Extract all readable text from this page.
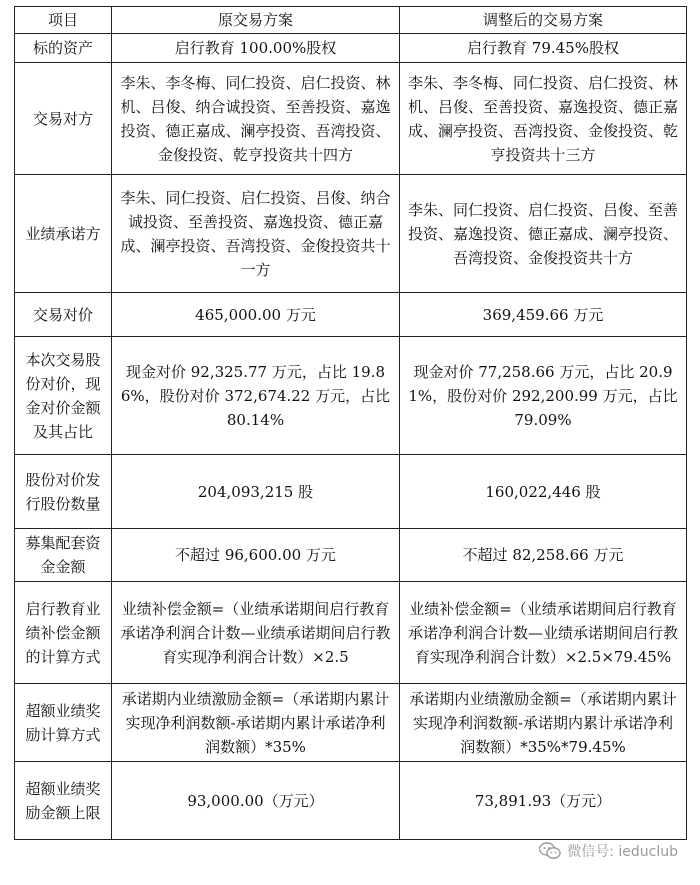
项目	原交易方案	调整后的交易方案
标的资产	启行教育 100.00%股权	启行教育 79.45%股权
交易对方	李朱、李冬梅、同仁投资、启仁投资、林机、吕俊、纳合诚投资、至善投资、嘉逸投资、德正嘉成、澜亭投资、吾湾投资、金俊投资、乾亨投资共十四方	李朱、李冬梅、同仁投资、启仁投资、林机、吕俊、至善投资、嘉逸投资、德正嘉成、澜亭投资、吾湾投资、金俊投资、乾亨投资共十三方
业绩承诺方	李朱、同仁投资、启仁投资、吕俊、纳合诚投资、至善投资、嘉逸投资、德正嘉成、澜亭投资、吾湾投资、金俊投资共十一方	李朱、同仁投资、启仁投资、吕俊、至善投资、嘉逸投资、德正嘉成、澜亭投资、吾湾投资、金俊投资共十方
交易对价	465,000.00 万元	369,459.66 万元
本次交易股份对价，现金对价金额及其占比	现金对价 92,325.77 万元，占比 19.86%，股份对价 372,674.22 万元，占比 80.14%	现金对价 77,258.66 万元，占比 20.91%，股份对价 292,200.99 万元，占比 79.09%
股份对价发行股份数量	204,093,215 股	160,022,446 股
募集配套资金金额	不超过 96,600.00 万元	不超过 82,258.66 万元
启行教育业绩补偿金额的计算方式	业绩补偿金额=（业绩承诺期间启行教育承诺净利润合计数—业绩承诺期间启行教育实现净利润合计数）×2.5	业绩补偿金额=（业绩承诺期间启行教育承诺净利润合计数—业绩承诺期间启行教育实现净利润合计数）×2.5×79.45%
超额业绩奖励计算方式	承诺期内业绩激励金额=（承诺期内累计实现净利润数额-承诺期内累计承诺净利润数额）*35%	承诺期内业绩激励金额=（承诺期内累计实现净利润数额-承诺期内累计承诺净利润数额）*35%*79.45%
超额业绩奖励金额上限	93,000.00（万元）	73,891.93（万元）
微信号: ieduclub
